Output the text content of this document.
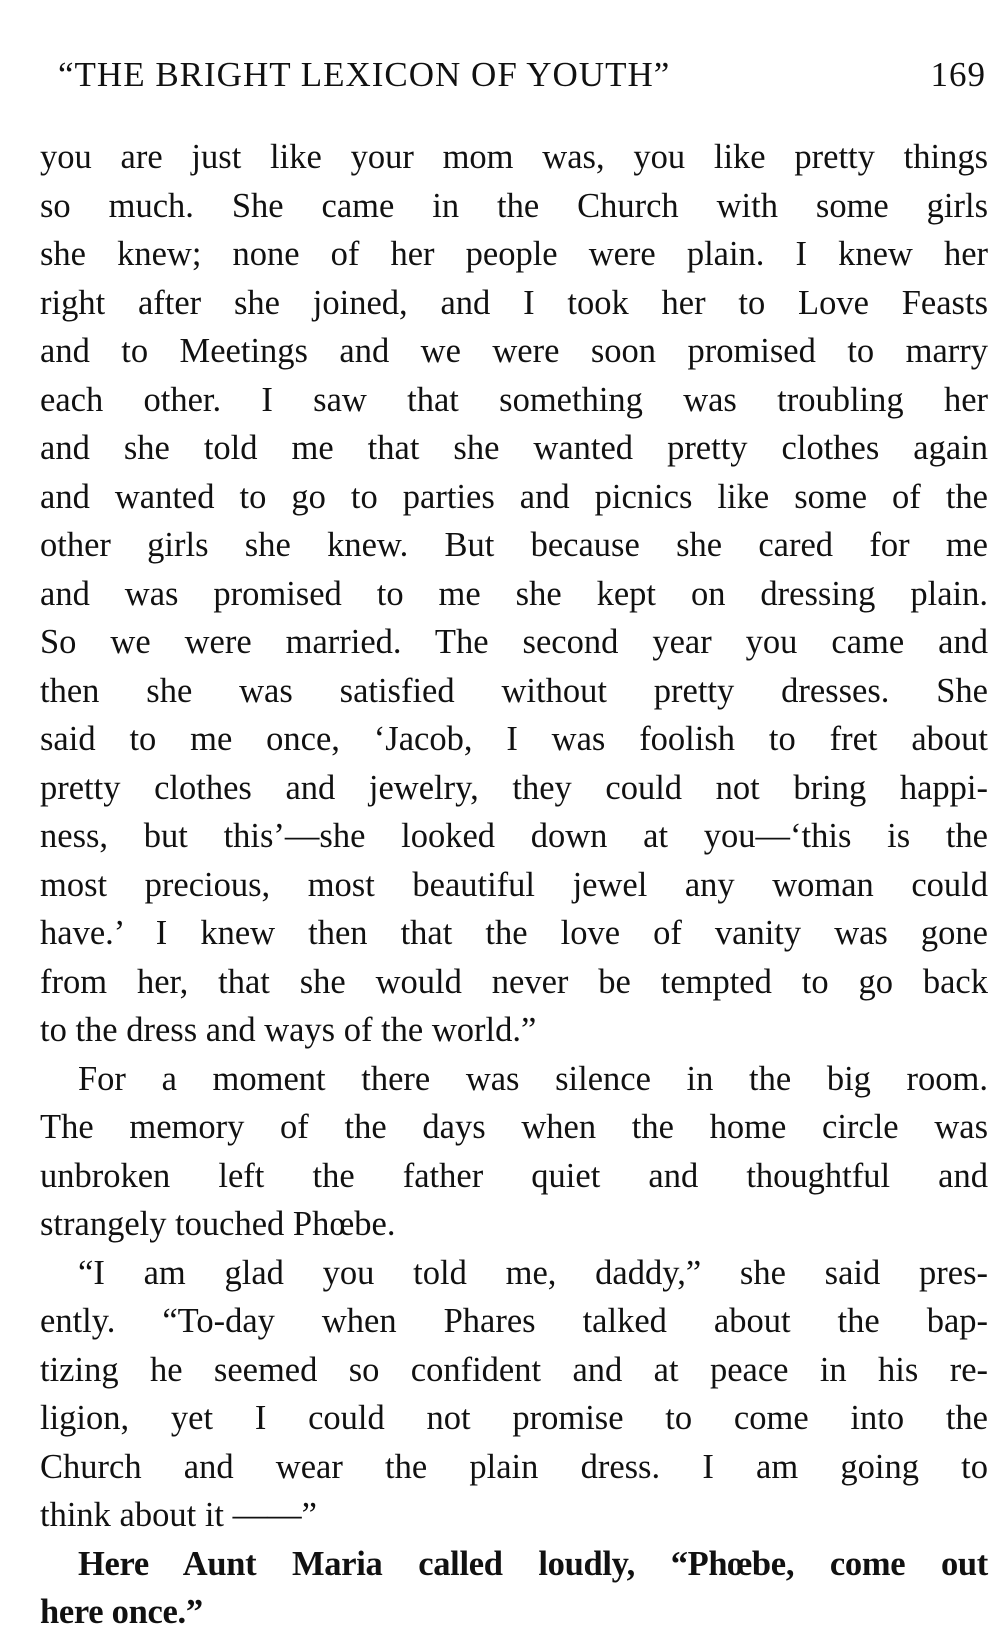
“THE BRIGHT LEXICON OF YOUTH”	169
you are just like your mom was, you like pretty things
so much. She came in the Church with some girls
she knew; none of her people were plain. I knew her
right after she joined, and I took her to Love Feasts
and to Meetings and we were soon promised to marry
each other. I saw that something was troubling her
and she told me that she wanted pretty clothes again
and wanted to go to parties and picnics like some of the
other girls she knew. But because she cared for me
and was promised to me she kept on dressing plain.
So we were married. The second year you came and
then she was satisfied without pretty dresses. She
said to me once, ‘Jacob, I was foolish to fret about
pretty clothes and jewelry, they could not bring happi-
ness, but this’—she looked down at you—‘this is the
most precious, most beautiful jewel any woman could
have.’ I knew then that the love of vanity was gone
from her, that she would never be tempted to go back
to the dress and ways of the world.”
For a moment there was silence in the big room.
The memory of the days when the home circle was
unbroken left the father quiet and thoughtful and
strangely touched Phœbe.
“I am glad you told me, daddy,” she said pres-
ently. “To-day when Phares talked about the bap-
tizing he seemed so confident and at peace in his re-
ligion, yet I could not promise to come into the
Church and wear the plain dress. I am going to
think about it ——”
Here Aunt Maria called loudly, “Phœbe, come out
here once.”
